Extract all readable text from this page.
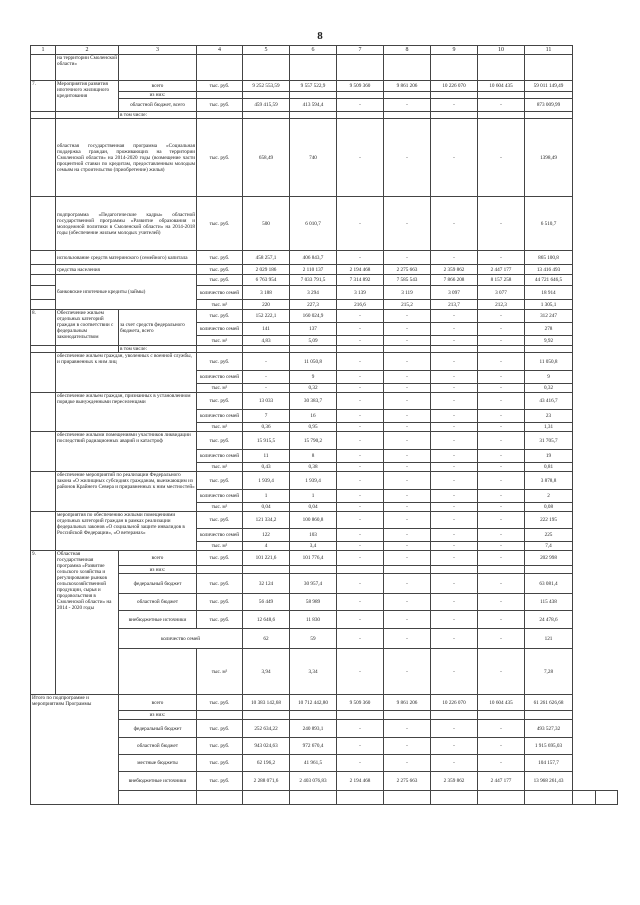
8
1	2	3	4	5	6	7	8	9	10	11		
	на территории Смоленской области»											
7.	Мероприятия развития ипотечного жилищного кредитования	всего	тыс. руб.	9 252 553,59	9 557 522,9	9 509 360	9 861 206	10 226 070	10 604 435	59 011 149,49		
		из них:										
		областной бюджет, всего	тыс. руб.	459 415,59	413 594,4	-	-	-	-	873 009,99		
		в том числе:										
	областная государственная программа «Социальная поддержка граждан, проживающих на территории Смоленской области» на 2014-2020 годы (возмещение части процентной ставки по кредитам, предоставленным молодым семьям на строительство (приобретение) жилья)		тыс. руб.	658,49	740	-	-	-	-	1398,49		
	подпрограмма «Педагогические кадры» областной государственной программы «Развитие образования и молодежной политики в Смоленской области» на 2014-2018 годы (обеспечение жильем молодых учителей)		тыс. руб.	500	6 010,7	-	-	-	-	6 510,7		
	использование средств материнского (семейного) капитала		тыс. руб.	458 257,1	406 843,7	-	-	-	-	865 100,8		
	средства населения		тыс. руб.	2 029 186	2 110 137	2 194 468	2 275 663	2 359 862	2 447 177	13 416 493		
	банковские ипотечные кредиты (займы)		тыс. руб.	6 763 954	7 033 791,5	7 314 892	7 585 543	7 866 208	8 157 258	44 721 646,5		
			количество семей	3 188	3 294	3 139	3 119	3 097	3 077	18 914		
			тыс. м²	220	227,3	216,6	215,2	213,7	212,3	1 305,1		
8.	Обеспечение жильем отдельных категорий граждан в соответствии с федеральным законодательством	за счет средств федерального бюджета, всего	тыс. руб.	152 222,1	160 024,9	-	-	-	-	312 247		
			количество семей	141	137	-	-	-	-	278		
			тыс. м²	4,83	5,09	-	-	-	-	9,92		
		в том числе:										
	обеспечение жильем граждан, уволенных с военной службы, и приравненных к ним лиц		тыс. руб.	-	11 050,8	-	-	-	-	11 050,8		
			количество семей	-	9	-	-	-	-	9		
			тыс. м²	-	0,32	-	-	-	-	0,32		
	обеспечение жильем граждан, признанных в установленном порядке вынужденными переселенцами		тыс. руб.	13 033	30 383,7	-	-	-	-	43 416,7		
			количество семей	7	16	-	-	-	-	23		
			тыс. м²	0,36	0,95	-	-	-	-	1,31		
	обеспечение жилыми помещениями участников ликвидации последствий радиационных аварий и катастроф		тыс. руб.	15 915,5	15 790,2	-	-	-	-	31 705,7		
			количество семей	11	8	-	-	-	-	19		
			тыс. м²	0,43	0,38	-	-	-	-	0,81		
	обеспечение мероприятий по реализации Федерального закона «О жилищных субсидиях гражданам, выезжающим из районов Крайнего Севера и приравненных к ним местностей»		тыс. руб.	1 939,4	1 939,4	-	-	-	-	3 878,8		
			количество семей	1	1	-	-	-	-	2		
			тыс. м²	0,04	0,04	-	-	-	-	0,08		
	мероприятия по обеспечению жилыми помещениями отдельных категорий граждан в рамках реализации федеральных законов «О социальной защите инвалидов в Российской Федерации», «О ветеранах»		тыс. руб.	121 334,2	100 860,8	-	-	-	-	222 195		
			количество семей	122	103	-	-	-	-	225		
			тыс. м²	4	3,4	-	-	-	-	7,4		
9.	Областная государственная программа «Развитие сельского хозяйства и регулирование рынков сельскохозяйственной продукции, сырья и продовольствия в Смоленской области» на 2014 - 2020 годы	всего	тыс. руб.	101 221,6	101 776,4	-	-	-	-	202 998		
		из них:										
		федеральный бюджет	тыс. руб.	32 124	30 957,4	-	-	-	-	63 081,4		
		областной бюджет	тыс. руб.	56 449	58 989	-	-	-	-	115 438		
		внебюджетные источники	тыс. руб.	12 648,6	11 830	-	-	-	-	24 478,6		
		количество семей		62	59	-	-	-	-	121		
			тыс. м²	3,94	3,34	-	-	-	-	7,28		
Итого по подпрограмме и мероприятиям Программы		всего	тыс. руб.	10 383 142,68	10 712 442,80	9 509 360	9 861 206	10 226 070	10 604 435	61 261 626,68		
		из них:										
		федеральный бюджет	тыс. руб.	252 634,22	240 893,1	-	-	-	-	493 527,32		
		областной бюджет	тыс. руб.	943 024,63	972 670,4	-	-	-	-	1 915 695,03		
		местные бюджеты	тыс. руб.	62 196,2	41 961,5	-	-	-	-	104 157,7		
		внебюджетные источники	тыс. руб.	2 288 071,6	2 403 076,83	2 194 468	2 275 663	2 359 862	2 447 177	13 968 261,43		
